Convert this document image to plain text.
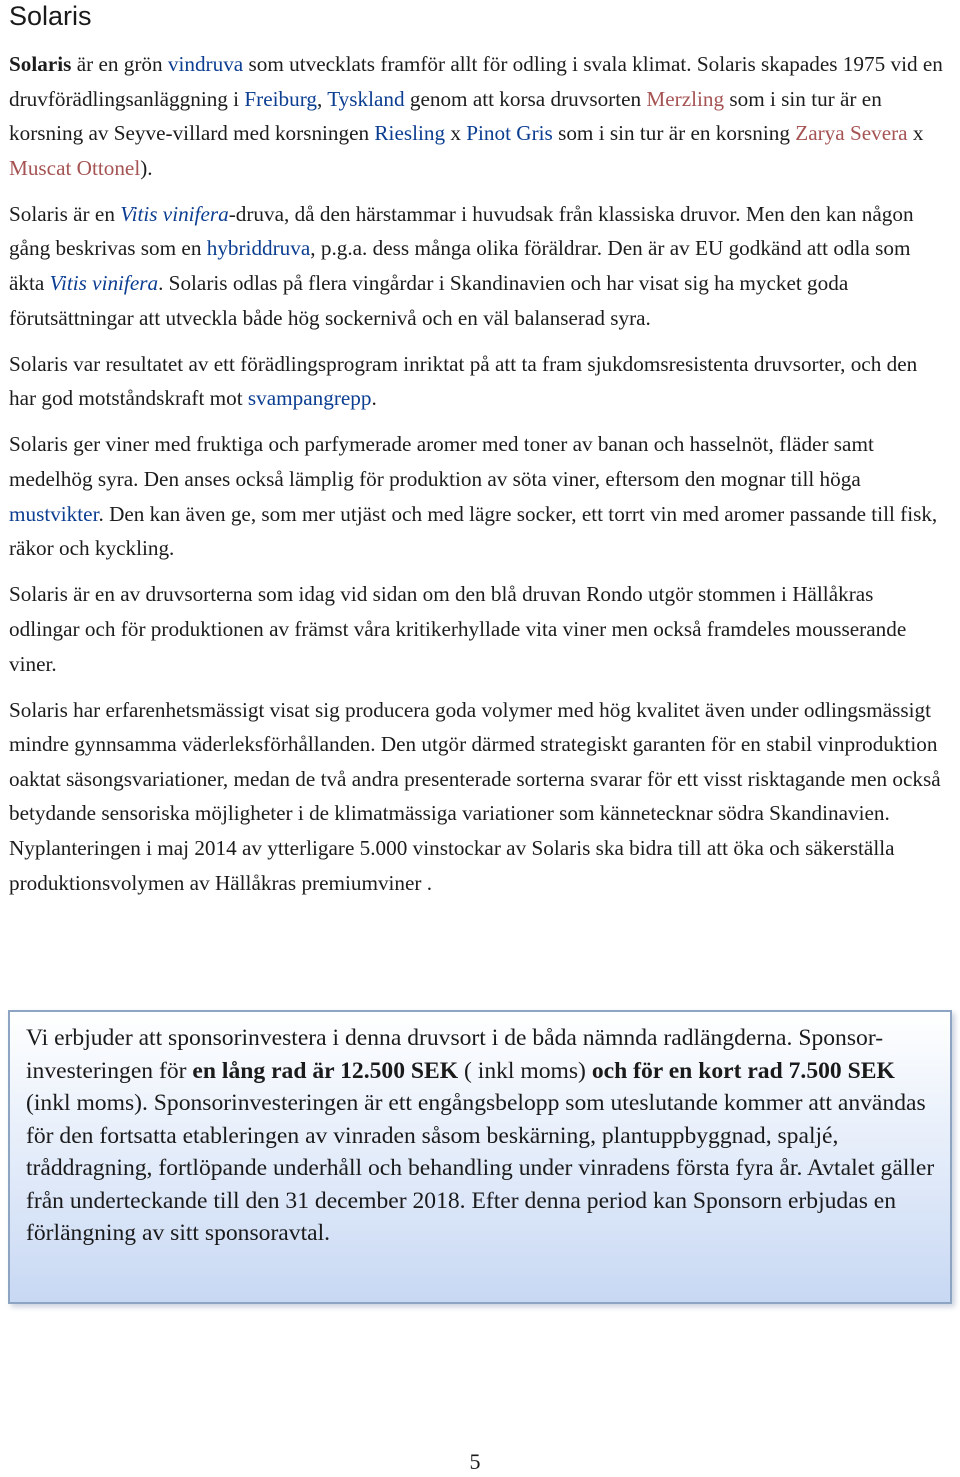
Solaris

Solaris är en grön vindruva som utvecklats framför allt för odling i svala klimat. Solaris skapades 1975 vid en druvförädlingsanläggning i Freiburg, Tyskland genom att korsa druvsorten Merzling som i sin tur är en korsning av Seyve-villard med korsningen Riesling x Pinot Gris som i sin tur är en korsning Zarya Severa x Muscat Ottonel).

Solaris är en Vitis vinifera-druva, då den härstammar i huvudsak från klassiska druvor. Men den kan någon gång beskrivas som en hybriddruva, p.g.a. dess många olika föräldrar. Den är av EU godkänd att odla som äkta Vitis vinifera. Solaris odlas på flera vingårdar i Skandinavien och har visat sig ha mycket goda förutsättningar att utveckla både hög sockernivå och en väl balanserad syra.

Solaris var resultatet av ett förädlingsprogram inriktat på att ta fram sjukdomsresistenta druvsorter, och den har god motståndskraft mot svampangrepp.

Solaris ger viner med fruktiga och parfymerade aromer med toner av banan och hasselnöt, fläder samt medelhög syra. Den anses också lämplig för produktion av söta viner, eftersom den mognar till höga mustvikter. Den kan även ge, som mer utjäst och med lägre socker, ett torrt vin med aromer passande till fisk, räkor och kyckling.

Solaris är en av druvsorterna som idag vid sidan om den blå druvan Rondo utgör stommen i Hällåkras odlingar och för produktionen av främst våra kritikerhyllade vita viner men också framdeles mousserande viner.

Solaris har erfarenhetsmässigt visat sig producera goda volymer med hög kvalitet även under odlingsmässigt mindre gynnsamma väderleksförhållanden. Den utgör därmed strategiskt garanten för en stabil vinproduktion oaktat säsongsvariationer, medan de två andra presenterade sorterna svarar för ett visst risktagande men också betydande sensoriska möjligheter i de klimatmässiga variationer som kännetecknar södra Skandinavien. Nyplanteringen i maj 2014 av ytterligare 5.000 vinstockar av Solaris ska bidra till att öka och säkerställa produktionsvolymen av Hällåkras premiumviner .

Vi erbjuder att sponsorinvestera i denna druvsort i de båda nämnda radlängderna. Sponsor-investeringen för en lång rad är 12.500 SEK ( inkl moms) och för en kort rad 7.500 SEK (inkl moms). Sponsorinvesteringen är ett engångsbelopp som uteslutande kommer att användas för den fortsatta etableringen av vinraden såsom beskärning, plantuppbyggnad, spaljé, tråddragning, fortlöpande underhåll och behandling under vinradens första fyra år. Avtalet gäller från underteckande till den 31 december 2018. Efter denna period kan Sponsorn erbjudas en förlängning av sitt sponsoravtal.
5
